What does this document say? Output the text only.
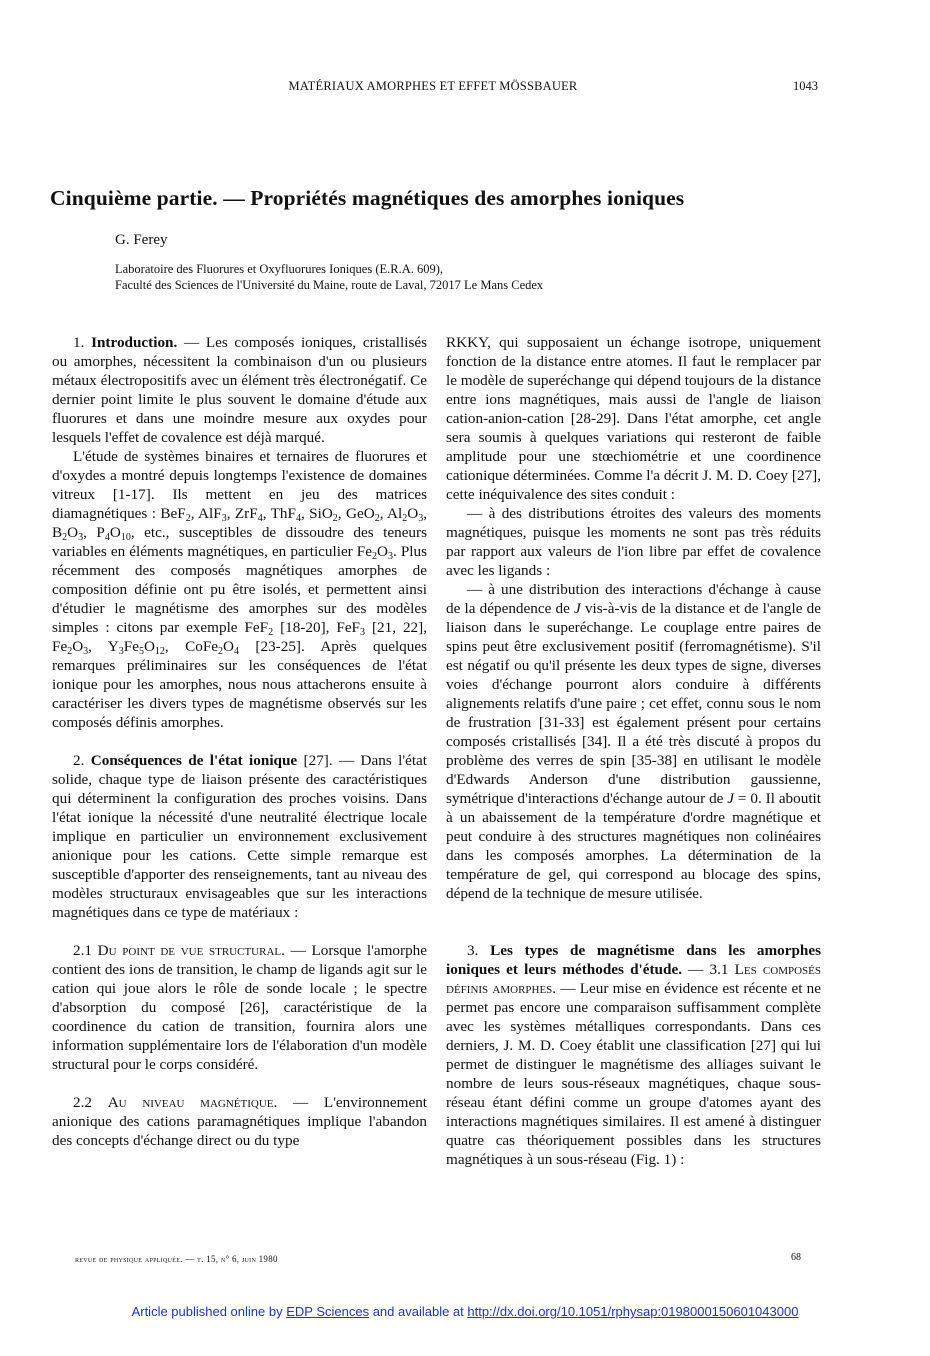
MATÉRIAUX AMORPHES ET EFFET MÖSSBAUER	1043
Cinquième partie. — Propriétés magnétiques des amorphes ioniques
G. Ferey
Laboratoire des Fluorures et Oxyfluorures Ioniques (E.R.A. 609),
Faculté des Sciences de l'Université du Maine, route de Laval, 72017 Le Mans Cedex

1. Introduction. — Les composés ioniques, cristallisés ou amorphes, nécessitent la combinaison d'un ou plusieurs métaux électropositifs avec un élément très électronégatif. Ce dernier point limite le plus souvent le domaine d'étude aux fluorures et dans une moindre mesure aux oxydes pour lesquels l'effet de covalence est déjà marqué.

L'étude de systèmes binaires et ternaires de fluorures et d'oxydes a montré depuis longtemps l'existence de domaines vitreux [1-17]. Ils mettent en jeu des matrices diamagnétiques : BeF$_2$, AlF$_3$, ZrF$_4$, ThF$_4$, SiO$_2$, GeO$_2$, $Al_2O_3$, $B_2O_3$, $P_4O_{10}$, etc., susceptibles de dissoudre des teneurs variables en éléments magnétiques, en particulier $Fe_2O_3$. Plus récemment des composés magnétiques amorphes de composition définie ont pu être isolés, et permettent ainsi d'étudier le magnétisme des amorphes sur des modèles simples : citons par exemple FeF$_2$ [18-20], FeF$_3$ [21, 22], $Fe_2O_3$, $Y_3Fe_5O_{12}$, $CoFe_2O_4$ [23-25]. Après quelques remarques préliminaires sur les conséquences de l'état ionique pour les amorphes, nous nous attacherons ensuite à caractériser les divers types de magnétisme observés sur les composés définis amorphes.

2. Conséquences de l'état ionique [27]. — Dans l'état solide, chaque type de liaison présente des caractéristiques qui déterminent la configuration des proches voisins. Dans l'état ionique la nécessité d'une neutralité électrique locale implique en particulier un environnement exclusivement anionique pour les cations. Cette simple remarque est susceptible d'apporter des renseignements, tant au niveau des modèles structuraux envisageables que sur les interactions magnétiques dans ce type de matériaux :

2.1 Du point de vue structural. — Lorsque l'amorphe contient des ions de transition, le champ de ligands agit sur le cation qui joue alors le rôle de sonde locale ; le spectre d'absorption du composé [26], caractéristique de la coordinence du cation de transition, fournira alors une information supplémentaire lors de l'élaboration d'un modèle structural pour le corps considéré.

2.2 Au niveau magnétique. — L'environnement anionique des cations paramagnétiques implique l'abandon des concepts d'échange direct ou du type

RKKY, qui supposaient un échange isotrope, uniquement fonction de la distance entre atomes. Il faut le remplacer par le modèle de superéchange qui dépend toujours de la distance entre ions magnétiques, mais aussi de l'angle de liaison cation-anion-cation [28-29]. Dans l'état amorphe, cet angle sera soumis à quelques variations qui resteront de faible amplitude pour une stœchiométrie et une coordinence cationique déterminées. Comme l'a décrit J. M. D. Coey [27], cette inéquivalence des sites conduit :

— à des distributions étroites des valeurs des moments magnétiques, puisque les moments ne sont pas très réduits par rapport aux valeurs de l'ion libre par effet de covalence avec les ligands :

— à une distribution des interactions d'échange à cause de la dépendence de J vis-à-vis de la distance et de l'angle de liaison dans le superéchange. Le couplage entre paires de spins peut être exclusivement positif (ferromagnétisme). S'il est négatif ou qu'il présente les deux types de signe, diverses voies d'échange pourront alors conduire à différents alignements relatifs d'une paire ; cet effet, connu sous le nom de frustration [31-33] est également présent pour certains composés cristallisés [34]. Il a été très discuté à propos du problème des verres de spin [35-38] en utilisant le modèle d'Edwards Anderson d'une distribution gaussienne, symétrique d'interactions d'échange autour de J = 0. Il aboutit à un abaissement de la température d'ordre magnétique et peut conduire à des structures magnétiques non colinéaires dans les composés amorphes. La détermination de la température de gel, qui correspond au blocage des spins, dépend de la technique de mesure utilisée.

3. Les types de magnétisme dans les amorphes ioniques et leurs méthodes d'étude. — 3.1 Les composés définis amorphes. — Leur mise en évidence est récente et ne permet pas encore une comparaison suffisamment complète avec les systèmes métalliques correspondants. Dans ces derniers, J. M. D. Coey établit une classification [27] qui lui permet de distinguer le magnétisme des alliages suivant le nombre de leurs sous-réseaux magnétiques, chaque sous-réseau étant défini comme un groupe d'atomes ayant des interactions magnétiques similaires. Il est amené à distinguer quatre cas théoriquement possibles dans les structures magnétiques à un sous-réseau (Fig. 1) :

revue de physique appliquée. — t. 15, n° 6, juin 1980	68
Article published online by EDP Sciences and available at http://dx.doi.org/10.1051/rphysap:0198000150601043000
